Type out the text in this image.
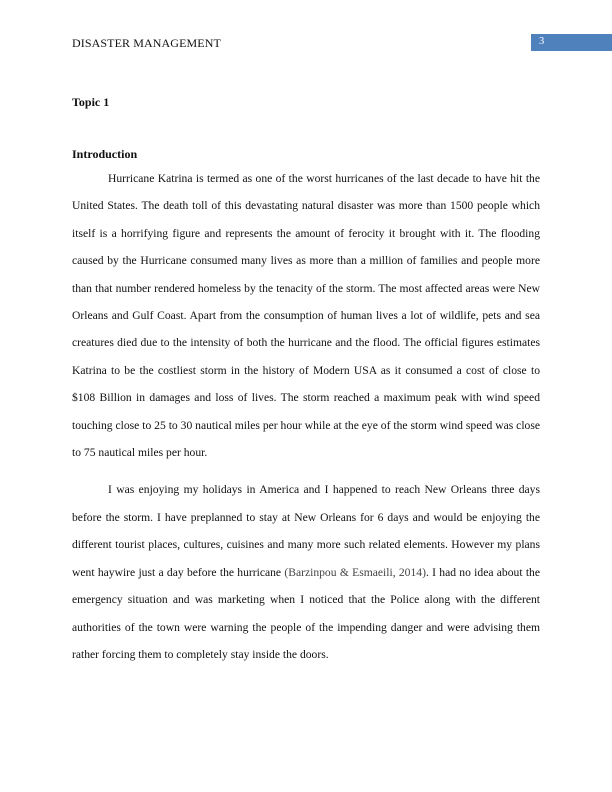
DISASTER MANAGEMENT	3

Topic 1

Introduction

Hurricane Katrina is termed as one of the worst hurricanes of the last decade to have hit the United States. The death toll of this devastating natural disaster was more than 1500 people which itself is a horrifying figure and represents the amount of ferocity it brought with it. The flooding caused by the Hurricane consumed many lives as more than a million of families and people more than that number rendered homeless by the tenacity of the storm. The most affected areas were New Orleans and Gulf Coast. Apart from the consumption of human lives a lot of wildlife, pets and sea creatures died due to the intensity of both the hurricane and the flood. The official figures estimates Katrina to be the costliest storm in the history of Modern USA as it consumed a cost of close to $108 Billion in damages and loss of lives. The storm reached a maximum peak with wind speed touching close to 25 to 30 nautical miles per hour while at the eye of the storm wind speed was close to 75 nautical miles per hour.

I was enjoying my holidays in America and I happened to reach New Orleans three days before the storm. I have preplanned to stay at New Orleans for 6 days and would be enjoying the different tourist places, cultures, cuisines and many more such related elements. However my plans went haywire just a day before the hurricane (Barzinpou & Esmaeili, 2014). I had no idea about the emergency situation and was marketing when I noticed that the Police along with the different authorities of the town were warning the people of the impending danger and were advising them rather forcing them to completely stay inside the doors.
